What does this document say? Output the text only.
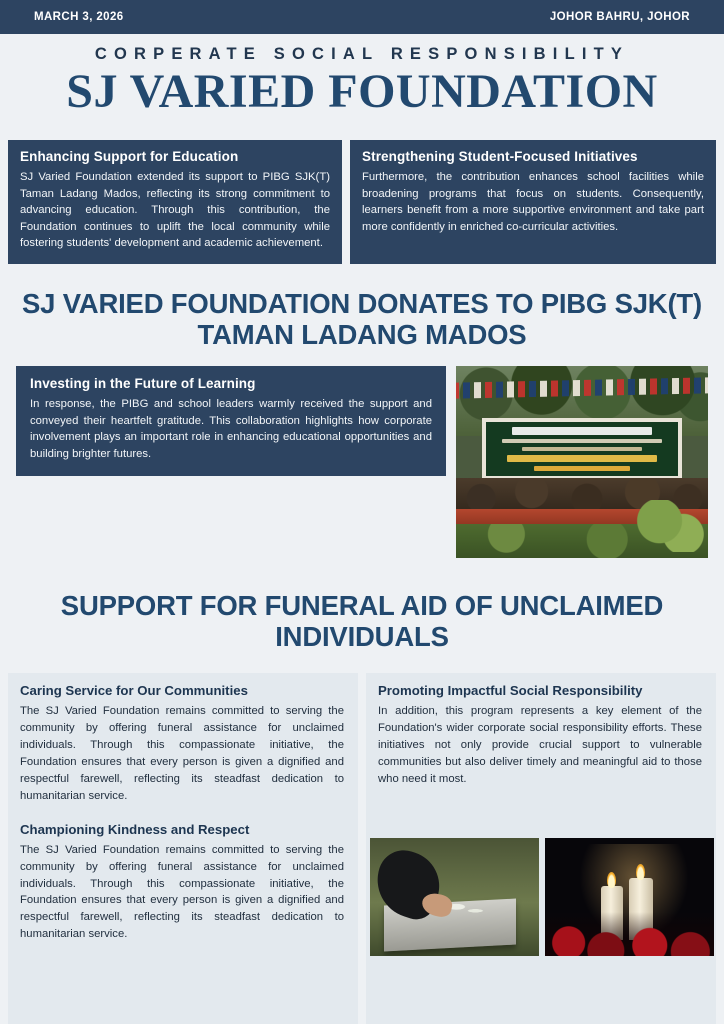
MARCH 3, 2026	JOHOR BAHRU, JOHOR
CORPERATE SOCIAL RESPONSIBILITY
SJ VARIED FOUNDATION
Enhancing Support for Education
SJ Varied Foundation extended its support to PIBG SJK(T) Taman Ladang Mados, reflecting its strong commitment to advancing education. Through this contribution, the Foundation continues to uplift the local community while fostering students' development and academic achievement.
Strengthening Student-Focused Initiatives
Furthermore, the contribution enhances school facilities while broadening programs that focus on students. Consequently, learners benefit from a more supportive environment and take part more confidently in enriched co-curricular activities.
SJ VARIED FOUNDATION DONATES TO PIBG SJK(T) TAMAN LADANG MADOS
Investing in the Future of Learning
In response, the PIBG and school leaders warmly received the support and conveyed their heartfelt gratitude. This collaboration highlights how corporate involvement plays an important role in enhancing educational opportunities and building brighter futures.
SUPPORT FOR FUNERAL AID OF UNCLAIMED INDIVIDUALS
Caring Service for Our Communities
The SJ Varied Foundation remains committed to serving the community by offering funeral assistance for unclaimed individuals. Through this compassionate initiative, the Foundation ensures that every person is given a dignified and respectful farewell, reflecting its steadfast dedication to humanitarian service.
Championing Kindness and Respect
The SJ Varied Foundation remains committed to serving the community by offering funeral assistance for unclaimed individuals. Through this compassionate initiative, the Foundation ensures that every person is given a dignified and respectful farewell, reflecting its steadfast dedication to humanitarian service.
Promoting Impactful Social Responsibility
In addition, this program represents a key element of the Foundation's wider corporate social responsibility efforts. These initiatives not only provide crucial support to vulnerable communities but also deliver timely and meaningful aid to those who need it most.
